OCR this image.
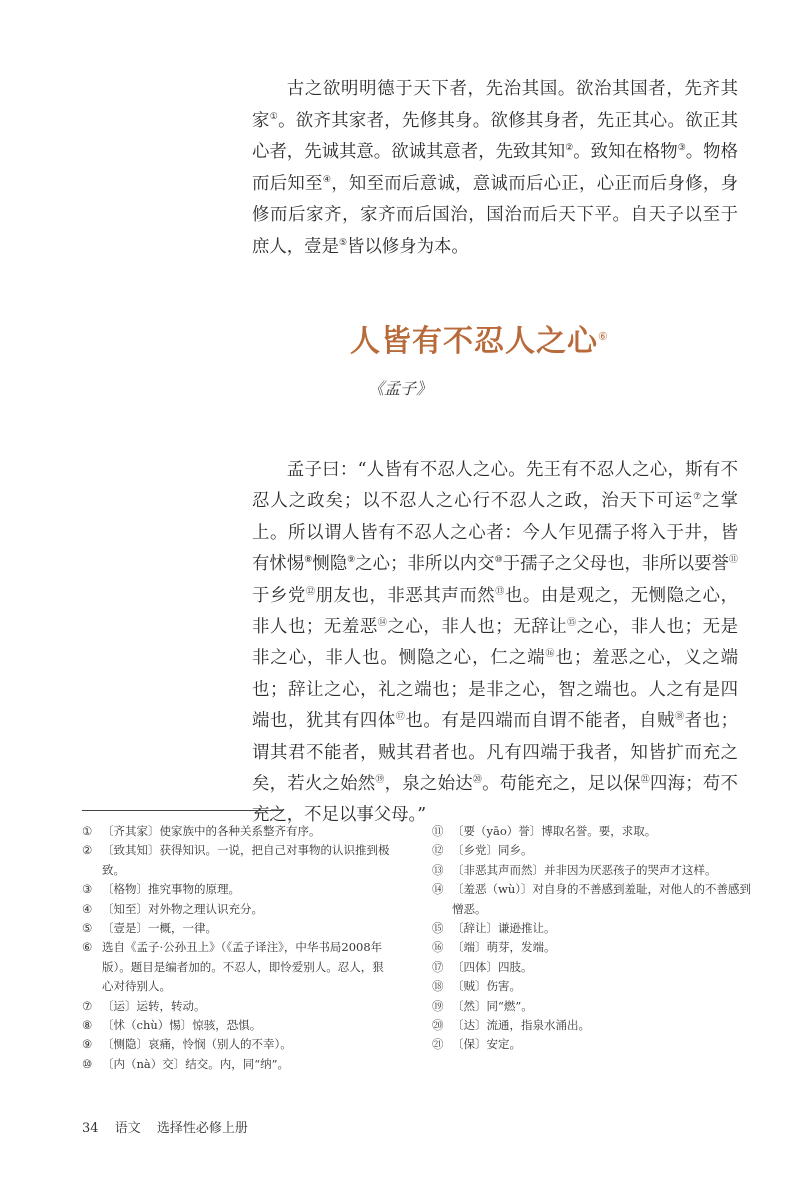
古之欲明明德于天下者，先治其国。欲治其国者，先齐其家①。欲齐其家者，先修其身。欲修其身者，先正其心。欲正其心者，先诚其意。欲诚其意者，先致其知②。致知在格物③。物格而后知至④，知至而后意诚，意诚而后心正，心正而后身修，身修而后家齐，家齐而后国治，国治而后天下平。自天子以至于庶人，壹是⑤皆以修身为本。

人皆有不忍人之心⑥
《孟子》

孟子曰：“人皆有不忍人之心。先王有不忍人之心，斯有不忍人之政矣；以不忍人之心行不忍人之政，治天下可运⑦之掌上。所以谓人皆有不忍人之心者：今人乍见孺子将入于井，皆有怵惕⑧恻隐⑨之心；非所以内交⑩于孺子之父母也，非所以要誉⑪于乡党⑫朋友也，非恶其声而然⑬也。由是观之，无恻隐之心，非人也；无羞恶⑭之心，非人也；无辞让⑮之心，非人也；无是非之心，非人也。恻隐之心，仁之端⑯也；羞恶之心，义之端也；辞让之心，礼之端也；是非之心，智之端也。人之有是四端也，犹其有四体⑰也。有是四端而自谓不能者，自贼⑱者也；谓其君不能者，贼其君者也。凡有四端于我者，知皆扩而充之矣，若火之始然⑲，泉之始达⑳。苟能充之，足以保$^㉑$四海；苟不充之，不足以事父母。”

① 〔齐其家〕使家族中的各种关系整齐有序。
② 〔致其知〕获得知识。一说，把自己对事物的认识推到极致。
③ 〔格物〕推究事物的原理。
④ 〔知至〕对外物之理认识充分。
⑤ 〔壹是〕一概，一律。
⑥ 选自《孟子·公孙丑上》（《孟子译注》，中华书局2008年版）。题目是编者加的。不忍人，即怜爱别人。忍人，狠心对待别人。
⑦ 〔运〕运转，转动。
⑧ 〔怵（chù）惕〕惊骇，恐惧。
⑨ 〔恻隐〕哀痛，怜悯（别人的不幸）。
⑩ 〔内（nà）交〕结交。内，同“纳”。
⑪ 〔要（yāo）誉〕博取名誉。要，求取。
⑫ 〔乡党〕同乡。
⑬ 〔非恶其声而然〕并非因为厌恶孩子的哭声才这样。
⑭ 〔羞恶（wù）〕对自身的不善感到羞耻，对他人的不善感到憎恶。
⑮ 〔辞让〕谦逊推让。
⑯ 〔端〕萌芽，发端。
⑰ 〔四体〕四肢。
⑱ 〔贼〕伤害。
⑲ 〔然〕同“燃”。
⑳ 〔达〕流通，指泉水涌出。
㉑ 〔保〕安定。
34 语文 选择性必修上册
